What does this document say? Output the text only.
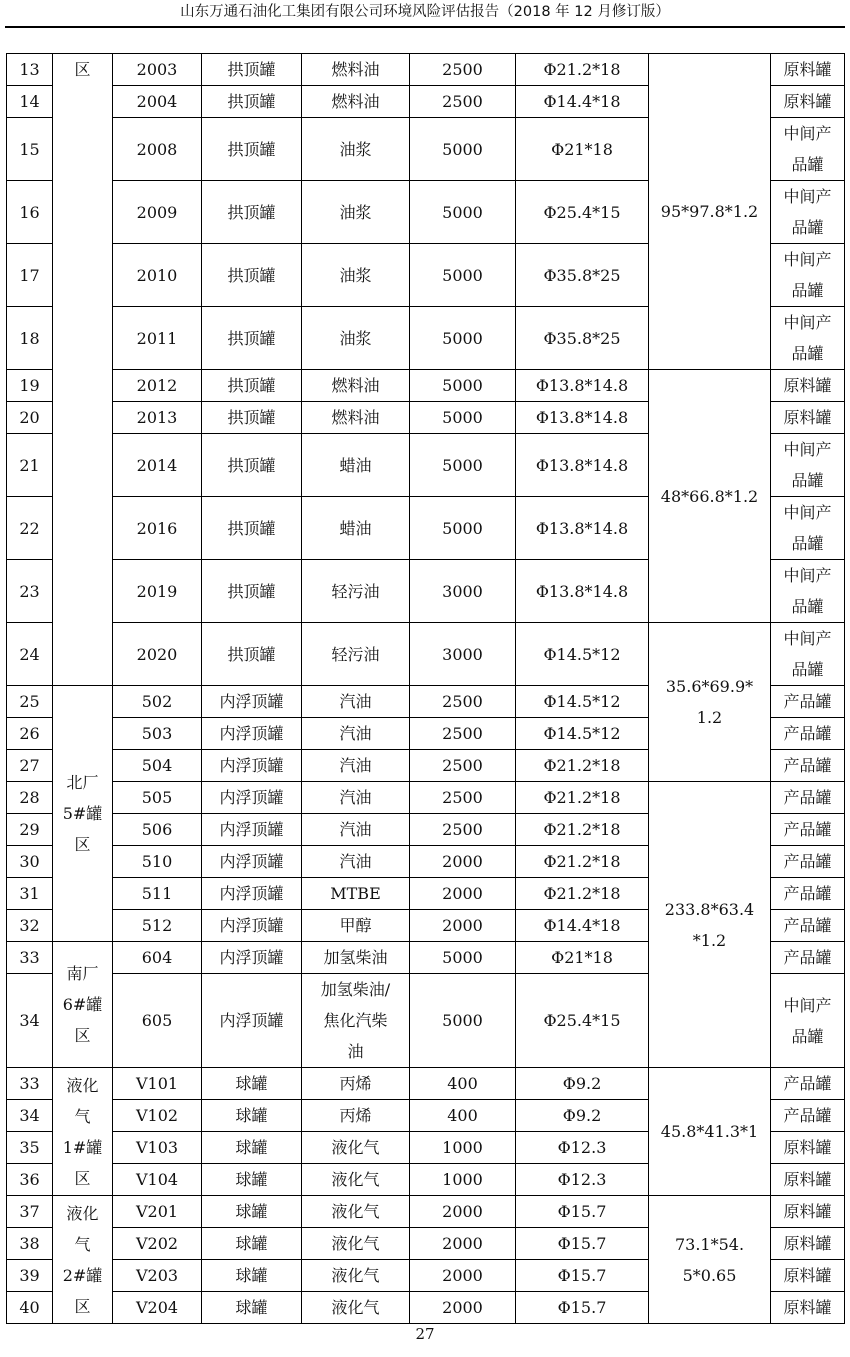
山东万通石油化工集团有限公司环境风险评估报告（2018 年 12 月修订版）
13	区	2003	拱顶罐	燃料油	2500	Φ21.2*18	95*97.8*1.2	原料罐
14		2004	拱顶罐	燃料油	2500	Φ14.4*18		原料罐
15		2008	拱顶罐	油浆	5000	Φ21*18		中间产
品罐
16		2009	拱顶罐	油浆	5000	Φ25.4*15		中间产
品罐
17		2010	拱顶罐	油浆	5000	Φ35.8*25		中间产
品罐
18		2011	拱顶罐	油浆	5000	Φ35.8*25		中间产
品罐
19		2012	拱顶罐	燃料油	5000	Φ13.8*14.8	48*66.8*1.2	原料罐
20		2013	拱顶罐	燃料油	5000	Φ13.8*14.8		原料罐
21		2014	拱顶罐	蜡油	5000	Φ13.8*14.8		中间产
品罐
22		2016	拱顶罐	蜡油	5000	Φ13.8*14.8		中间产
品罐
23		2019	拱顶罐	轻污油	3000	Φ13.8*14.8		中间产
品罐
24		2020	拱顶罐	轻污油	3000	Φ14.5*12	35.6*69.9*
1.2	中间产
品罐
25	北厂
5#罐
区	502	内浮顶罐	汽油	2500	Φ14.5*12		产品罐
26		503	内浮顶罐	汽油	2500	Φ14.5*12		产品罐
27		504	内浮顶罐	汽油	2500	Φ21.2*18		产品罐
28		505	内浮顶罐	汽油	2500	Φ21.2*18	233.8*63.4
*1.2	产品罐
29		506	内浮顶罐	汽油	2500	Φ21.2*18		产品罐
30		510	内浮顶罐	汽油	2000	Φ21.2*18		产品罐
31		511	内浮顶罐	MTBE	2000	Φ21.2*18		产品罐
32		512	内浮顶罐	甲醇	2000	Φ14.4*18		产品罐
33	南厂
6#罐
区	604	内浮顶罐	加氢柴油	5000	Φ21*18		产品罐
34		605	内浮顶罐	加氢柴油/
焦化汽柴
油	5000	Φ25.4*15		中间产
品罐
33	液化
气
1#罐
区	V101	球罐	丙烯	400	Φ9.2	45.8*41.3*1	产品罐
34		V102	球罐	丙烯	400	Φ9.2		产品罐
35		V103	球罐	液化气	1000	Φ12.3		原料罐
36		V104	球罐	液化气	1000	Φ12.3		原料罐
37	液化
气
2#罐
区	V201	球罐	液化气	2000	Φ15.7	73.1*54.
5*0.65	原料罐
38		V202	球罐	液化气	2000	Φ15.7		原料罐
39		V203	球罐	液化气	2000	Φ15.7		原料罐
40		V204	球罐	液化气	2000	Φ15.7		原料罐
27
